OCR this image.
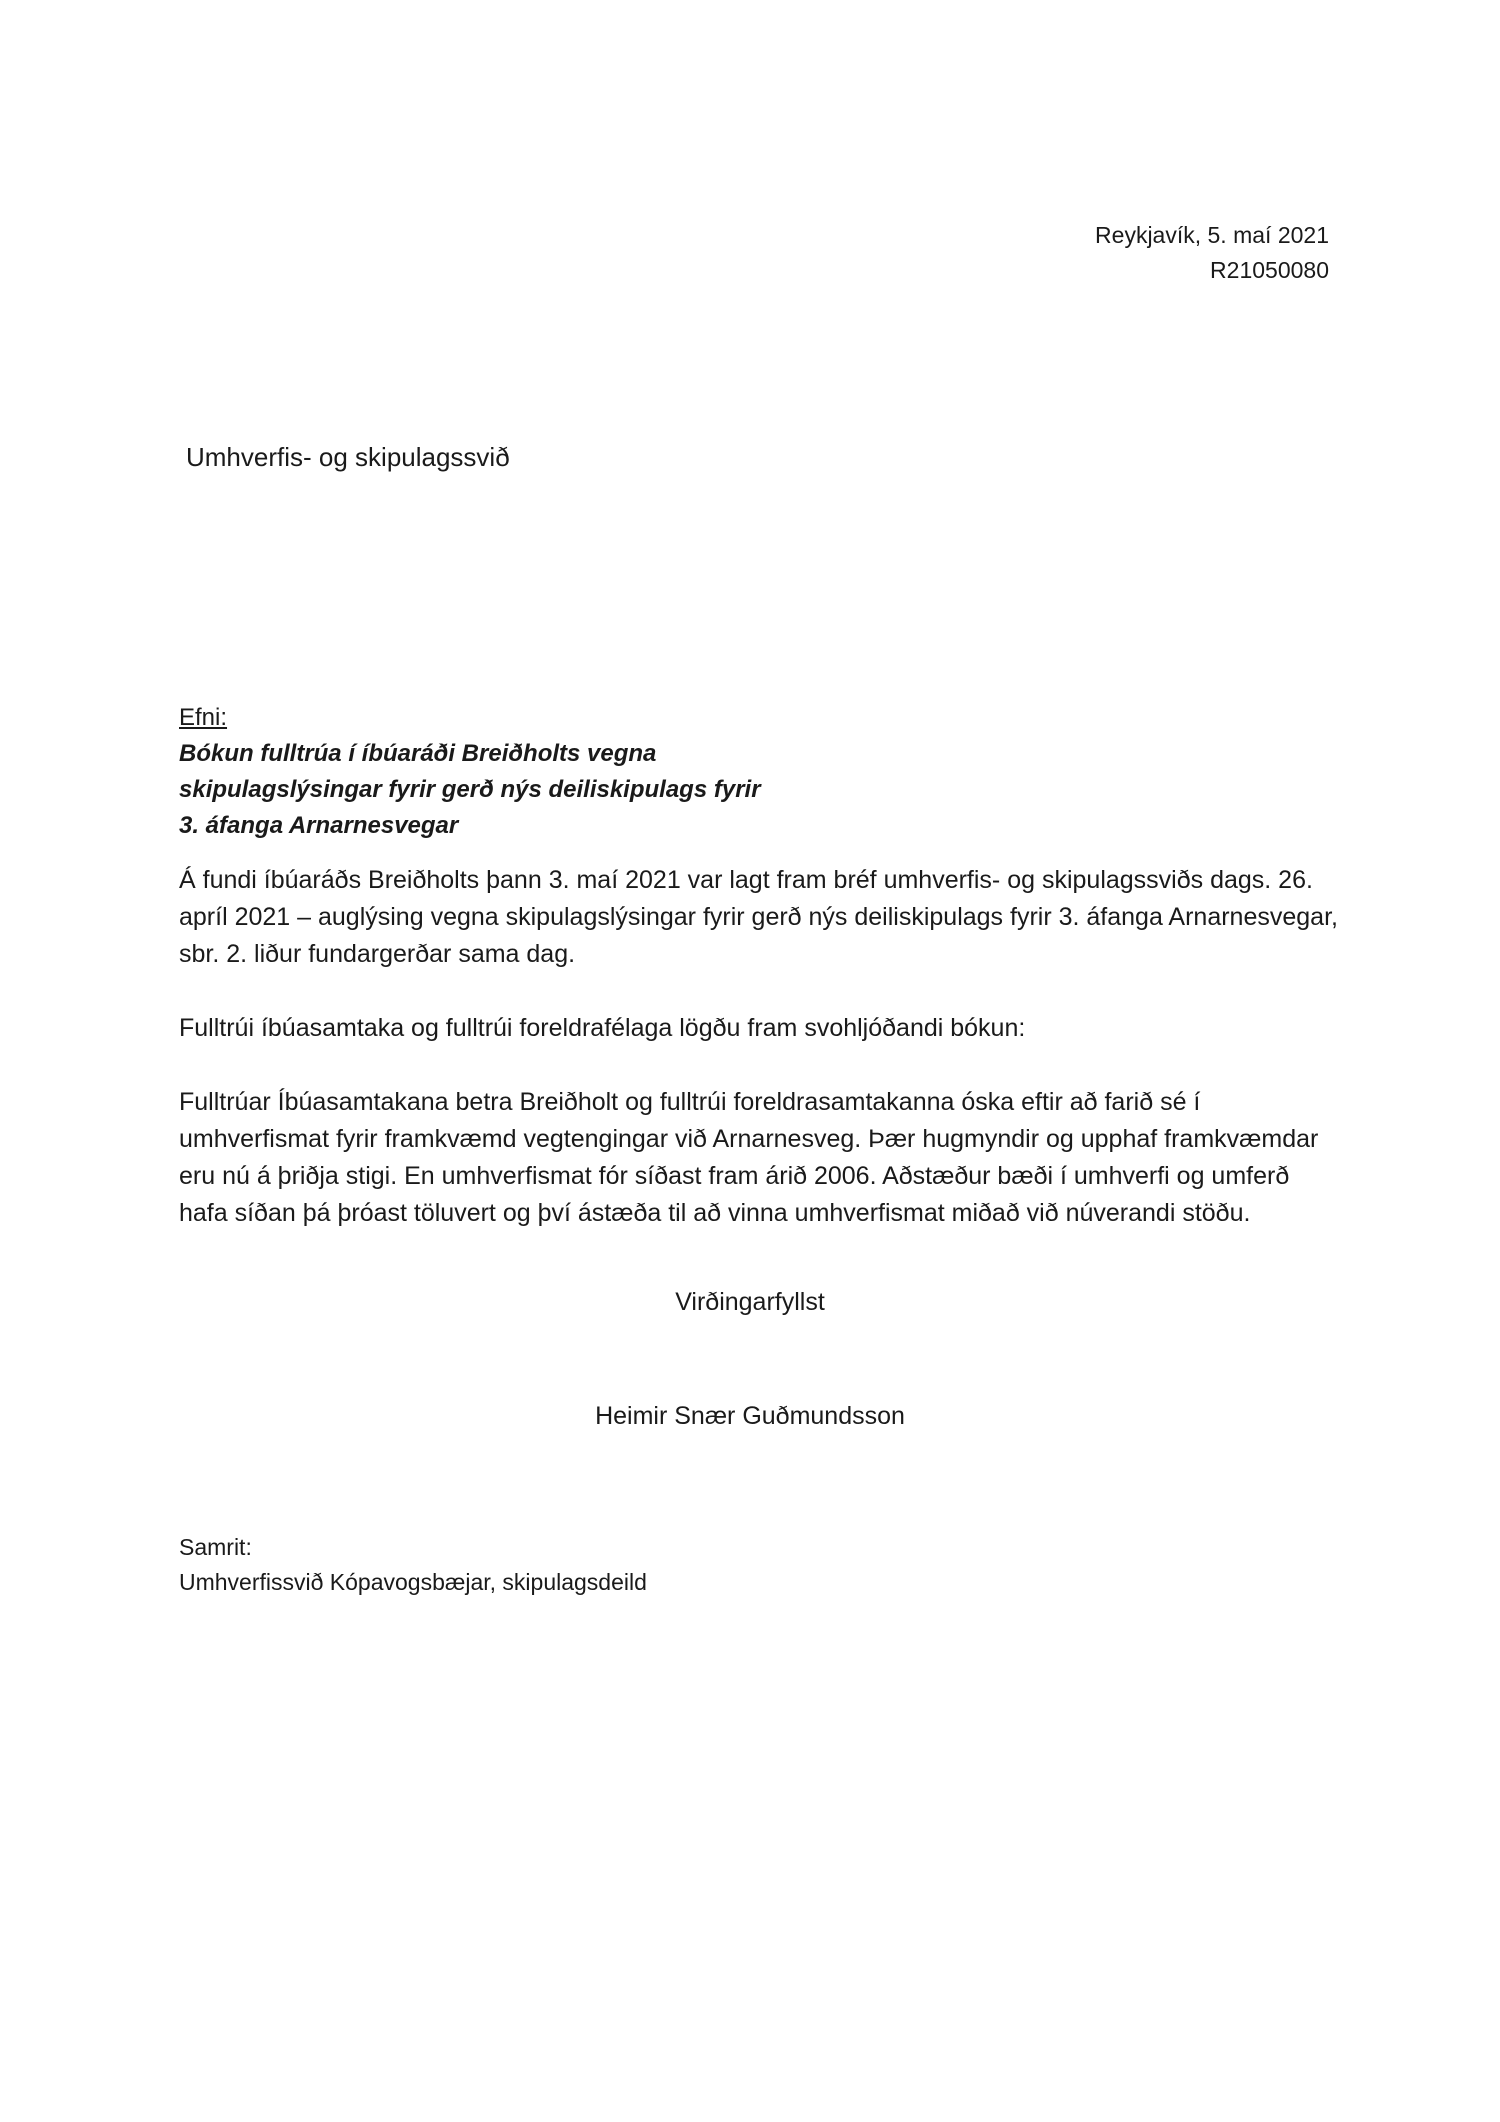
Reykjavík, 5. maí 2021
R21050080
Umhverfis- og skipulagssvið
Efni:
Bókun fulltrúa í íbúaráði Breiðholts vegna
skipulagslýsingar fyrir gerð nýs deiliskipulags fyrir
3. áfanga Arnarnesvegar

Á fundi íbúaráðs Breiðholts þann 3. maí 2021 var lagt fram bréf umhverfis- og skipulagssviðs dags. 26. apríl 2021 – auglýsing vegna skipulagslýsingar fyrir gerð nýs deiliskipulags fyrir 3. áfanga Arnarnesvegar, sbr. 2. liður fundargerðar sama dag.

Fulltrúi íbúasamtaka og fulltrúi foreldrafélaga lögðu fram svohljóðandi bókun:

Fulltrúar Íbúasamtakana betra Breiðholt og fulltrúi foreldrasamtakanna óska eftir að farið sé í umhverfismat fyrir framkvæmd vegtengingar við Arnarnesveg. Þær hugmyndir og upphaf framkvæmdar eru nú á þriðja stigi. En umhverfismat fór síðast fram árið 2006. Aðstæður bæði í umhverfi og umferð hafa síðan þá þróast töluvert og því ástæða til að vinna umhverfismat miðað við núverandi stöðu.

Virðingarfyllst
Heimir Snær Guðmundsson
Samrit:
Umhverfissvið Kópavogsbæjar, skipulagsdeild
